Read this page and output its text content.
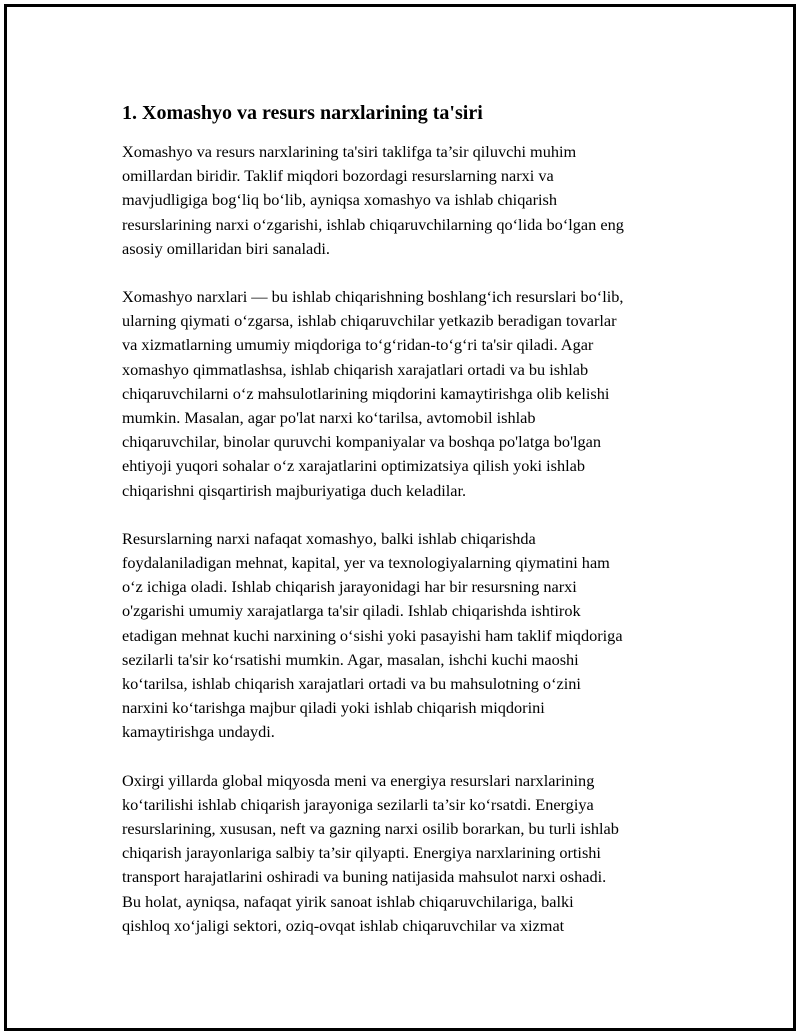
1. Xomashyo va resurs narxlarining ta'siri

Xomashyo va resurs narxlarining ta'siri taklifga ta’sir qiluvchi muhim
omillardan biridir. Taklif miqdori bozordagi resurslarning narxi va
mavjudligiga bog‘liq bo‘lib, ayniqsa xomashyo va ishlab chiqarish
resurslarining narxi o‘zgarishi, ishlab chiqaruvchilarning qo‘lida bo‘lgan eng
asosiy omillaridan biri sanaladi.

Xomashyo narxlari — bu ishlab chiqarishning boshlang‘ich resurslari bo‘lib,
ularning qiymati o‘zgarsa, ishlab chiqaruvchilar yetkazib beradigan tovarlar
va xizmatlarning umumiy miqdoriga to‘g‘ridan-to‘g‘ri ta'sir qiladi. Agar
xomashyo qimmatlashsa, ishlab chiqarish xarajatlari ortadi va bu ishlab
chiqaruvchilarni o‘z mahsulotlarining miqdorini kamaytirishga olib kelishi
mumkin. Masalan, agar po'lat narxi ko‘tarilsa, avtomobil ishlab
chiqaruvchilar, binolar quruvchi kompaniyalar va boshqa po'latga bo'lgan
ehtiyoji yuqori sohalar o‘z xarajatlarini optimizatsiya qilish yoki ishlab
chiqarishni qisqartirish majburiyatiga duch keladilar.

Resurslarning narxi nafaqat xomashyo, balki ishlab chiqarishda
foydalaniladigan mehnat, kapital, yer va texnologiyalarning qiymatini ham
o‘z ichiga oladi. Ishlab chiqarish jarayonidagi har bir resursning narxi
o'zgarishi umumiy xarajatlarga ta'sir qiladi. Ishlab chiqarishda ishtirok
etadigan mehnat kuchi narxining o‘sishi yoki pasayishi ham taklif miqdoriga
sezilarli ta'sir ko‘rsatishi mumkin. Agar, masalan, ishchi kuchi maoshi
ko‘tarilsa, ishlab chiqarish xarajatlari ortadi va bu mahsulotning o‘zini
narxini ko‘tarishga majbur qiladi yoki ishlab chiqarish miqdorini
kamaytirishga undaydi.

Oxirgi yillarda global miqyosda meni va energiya resurslari narxlarining
ko‘tarilishi ishlab chiqarish jarayoniga sezilarli ta’sir ko‘rsatdi. Energiya
resurslarining, xususan, neft va gazning narxi osilib borarkan, bu turli ishlab
chiqarish jarayonlariga salbiy ta’sir qilyapti. Energiya narxlarining ortishi
transport harajatlarini oshiradi va buning natijasida mahsulot narxi oshadi.
Bu holat, ayniqsa, nafaqat yirik sanoat ishlab chiqaruvchilariga, balki
qishloq xo‘jaligi sektori, oziq-ovqat ishlab chiqaruvchilar va xizmat
